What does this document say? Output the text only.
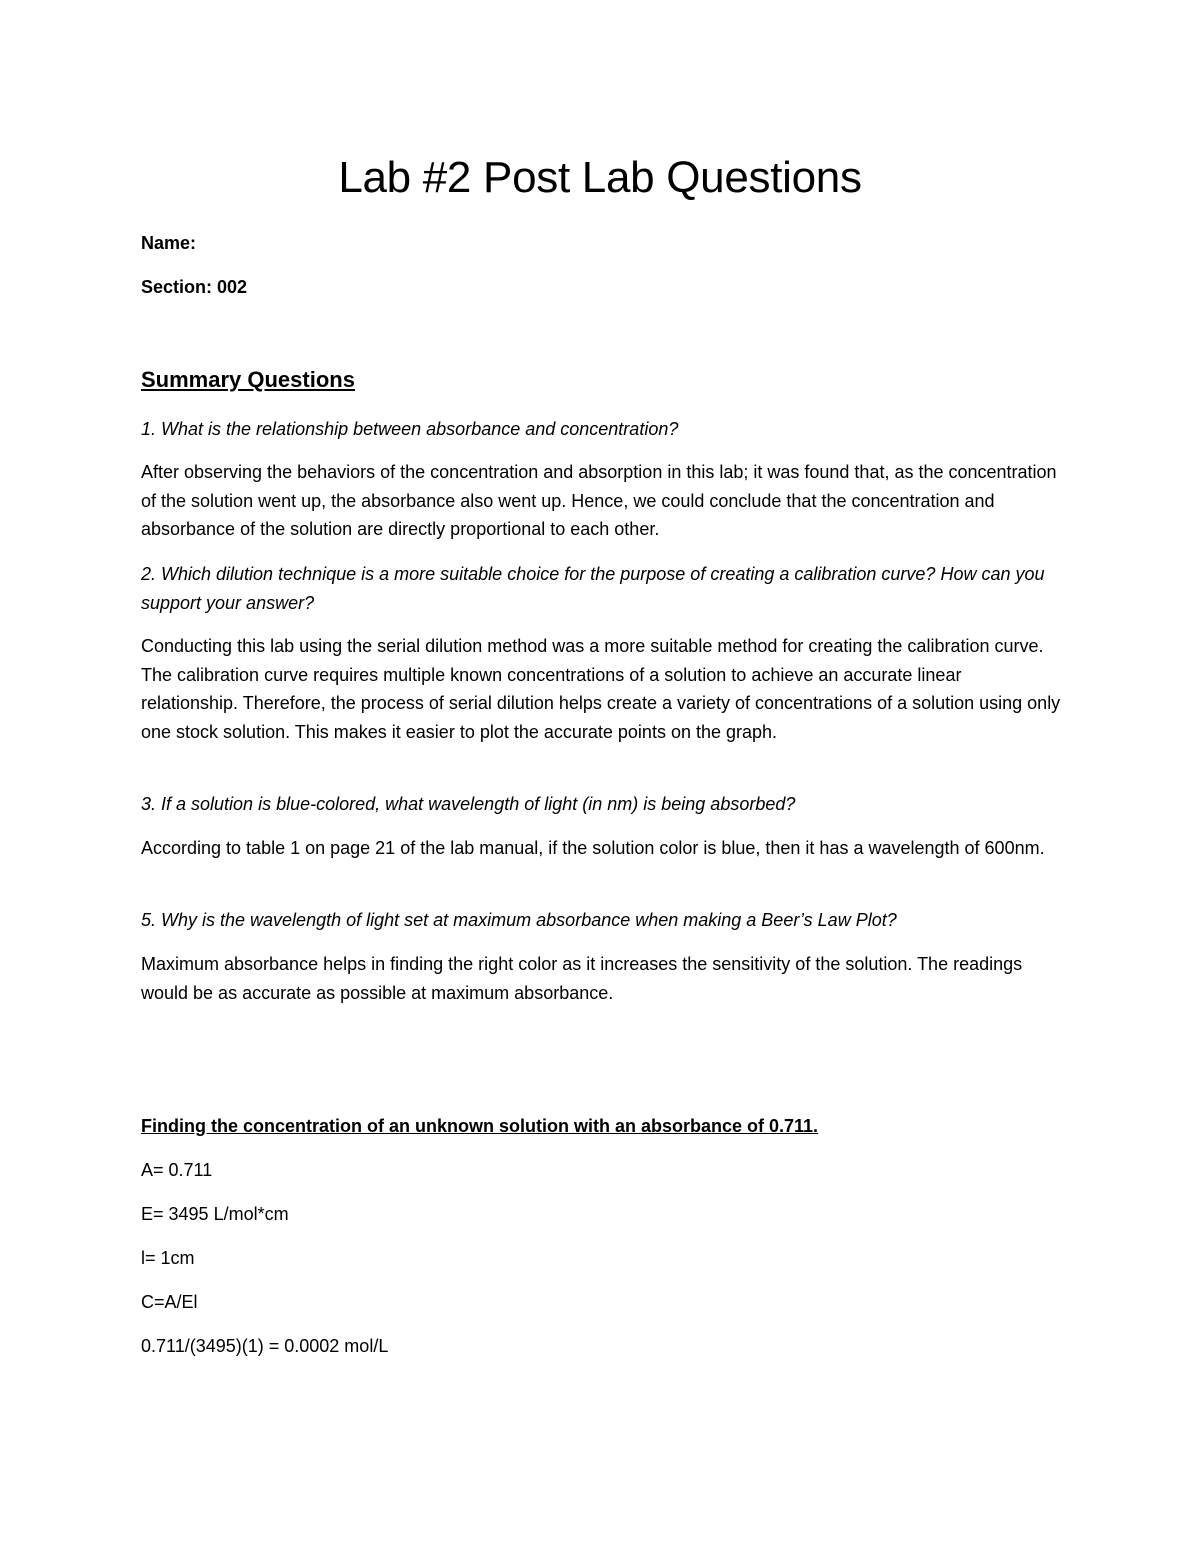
Lab #2 Post Lab Questions

Name:

Section: 002

Summary Questions

1. What is the relationship between absorbance and concentration?

After observing the behaviors of the concentration and absorption in this lab; it was found that, as the concentration of the solution went up, the absorbance also went up. Hence, we could conclude that the concentration and absorbance of the solution are directly proportional to each other.

2. Which dilution technique is a more suitable choice for the purpose of creating a calibration curve? How can you support your answer?

Conducting this lab using the serial dilution method was a more suitable method for creating the calibration curve. The calibration curve requires multiple known concentrations of a solution to achieve an accurate linear relationship. Therefore, the process of serial dilution helps create a variety of concentrations of a solution using only one stock solution. This makes it easier to plot the accurate points on the graph.

3. If a solution is blue-colored, what wavelength of light (in nm) is being absorbed?

According to table 1 on page 21 of the lab manual, if the solution color is blue, then it has a wavelength of 600nm.

5. Why is the wavelength of light set at maximum absorbance when making a Beer’s Law Plot?

Maximum absorbance helps in finding the right color as it increases the sensitivity of the solution. The readings would be as accurate as possible at maximum absorbance.

Finding the concentration of an unknown solution with an absorbance of 0.711.

A= 0.711

E= 3495 L/mol*cm

l= 1cm

C=A/El

0.711/(3495)(1) = 0.0002 mol/L
